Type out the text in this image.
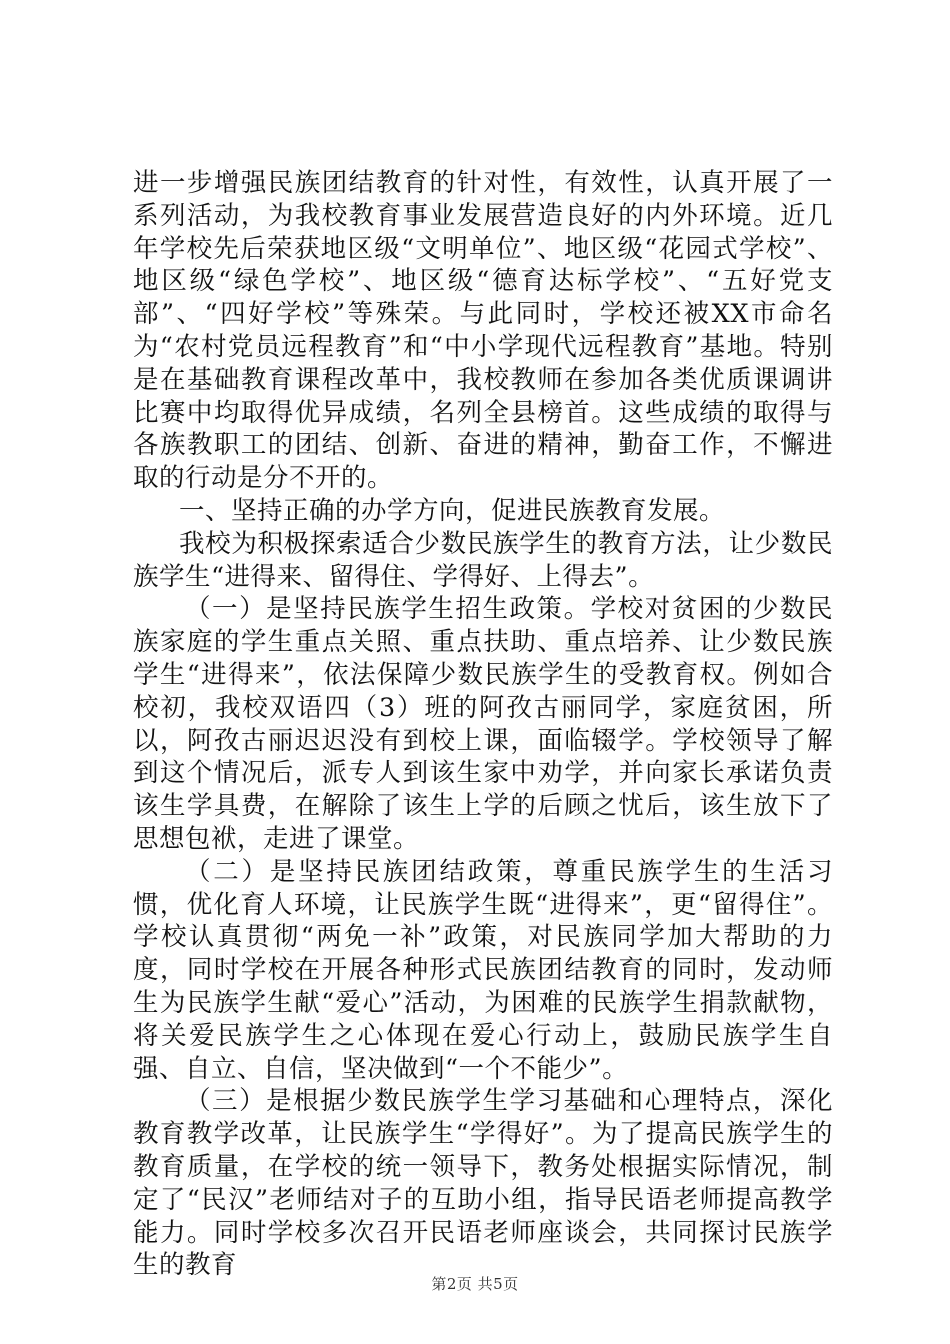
进一步增强民族团结教育的针对性，有效性，认真开展了一系列活动，为我校教育事业发展营造良好的内外环境。近几年学校先后荣获地区级“文明单位”、地区级“花园式学校”、地区级“绿色学校”、地区级“德育达标学校”、“五好党支部”、“四好学校”等殊荣。与此同时，学校还被XX市命名为“农村党员远程教育”和“中小学现代远程教育”基地。特别是在基础教育课程改革中，我校教师在参加各类优质课调讲比赛中均取得优异成绩，名列全县榜首。这些成绩的取得与各族教职工的团结、创新、奋进的精神，勤奋工作，不懈进取的行动是分不开的。

一、坚持正确的办学方向，促进民族教育发展。

我校为积极探索适合少数民族学生的教育方法，让少数民族学生“进得来、留得住、学得好、上得去”。

（一）是坚持民族学生招生政策。学校对贫困的少数民族家庭的学生重点关照、重点扶助、重点培养、让少数民族学生“进得来”，依法保障少数民族学生的受教育权。例如合校初，我校双语四（3）班的阿孜古丽同学，家庭贫困，所以，阿孜古丽迟迟没有到校上课，面临辍学。学校领导了解到这个情况后，派专人到该生家中劝学，并向家长承诺负责该生学具费，在解除了该生上学的后顾之忧后，该生放下了思想包袱，走进了课堂。

（二）是坚持民族团结政策，尊重民族学生的生活习惯，优化育人环境，让民族学生既“进得来”，更“留得住”。学校认真贯彻“两免一补”政策，对民族同学加大帮助的力度，同时学校在开展各种形式民族团结教育的同时，发动师生为民族学生献“爱心”活动，为困难的民族学生捐款献物，将关爱民族学生之心体现在爱心行动上，鼓励民族学生自强、自立、自信，坚决做到“一个不能少”。

（三）是根据少数民族学生学习基础和心理特点，深化教育教学改革，让民族学生“学得好”。为了提高民族学生的教育质量，在学校的统一领导下，教务处根据实际情况，制定了“民汉”老师结对子的互助小组，指导民语老师提高教学能力。同时学校多次召开民语老师座谈会，共同探讨民族学生的教育

第2页 共5页
